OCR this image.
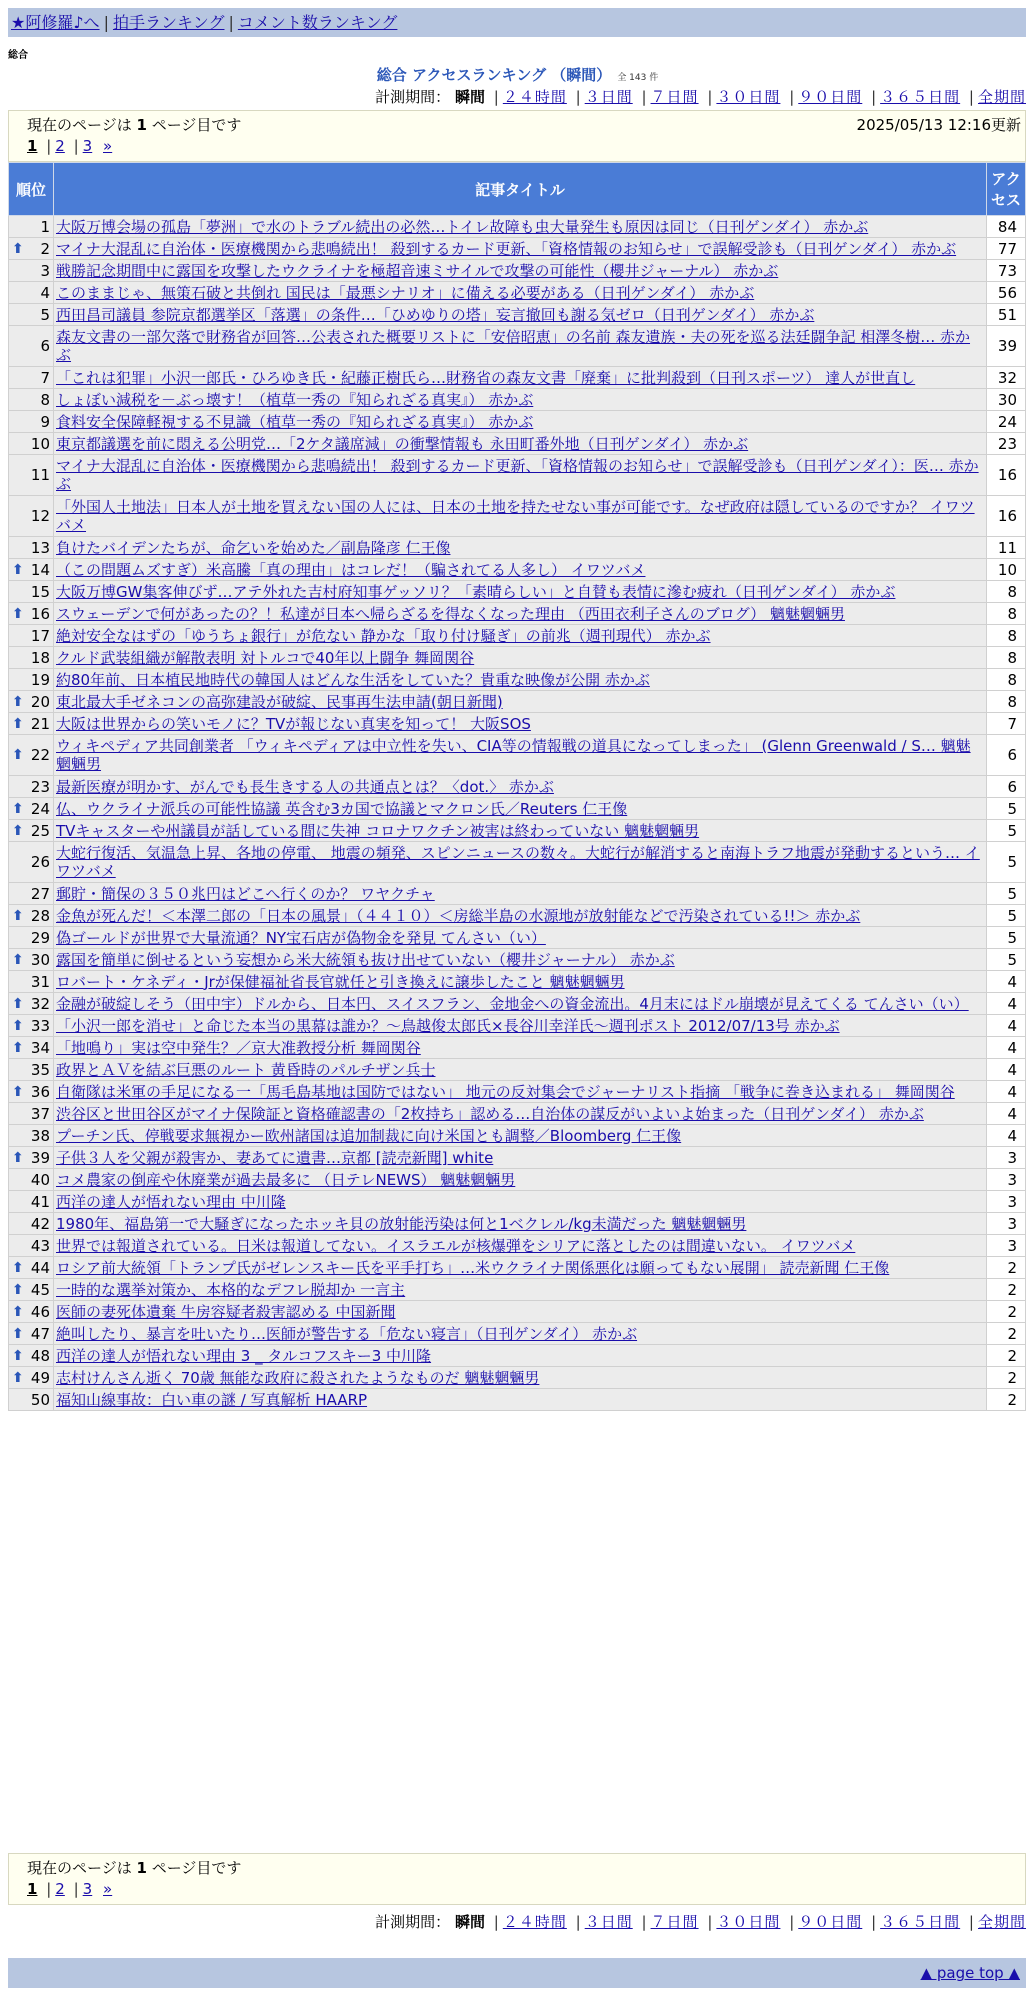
★阿修羅♪へ | 拍手ランキング | コメント数ランキング
総合
総合 アクセスランキング （瞬間） 全 143 件
計測期間： 瞬間 | ２４時間 | ３日間 | ７日間 | ３０日間 | ９０日間 | ３６５日間 | 全期間
現在のページは 1 ページ目です	2025/05/13 12:16更新
1 | 2 | 3 »
順位	記事タイトル	アクセス
1	大阪万博会場の孤島「夢洲」で水のトラブル続出の必然…トイレ故障も虫大量発生も原因は同じ（日刊ゲンダイ） 赤かぶ	84

⬆ 2	マイナ大混乱に自治体・医療機関から悲鳴続出！ 殺到するカード更新、「資格情報のお知らせ」で誤解受診も（日刊ゲンダイ） 赤かぶ	77
3	戦勝記念期間中に露国を攻撃したウクライナを極超音速ミサイルで攻撃の可能性（櫻井ジャーナル） 赤かぶ	73
4	このままじゃ、無策石破と共倒れ 国民は「最悪シナリオ」に備える必要がある（日刊ゲンダイ） 赤かぶ	56
5	西田昌司議員 参院京都選挙区「落選」の条件…「ひめゆりの塔」妄言撤回も謝る気ゼロ（日刊ゲンダイ） 赤かぶ	51
6	森友文書の一部欠落で財務省が回答…公表された概要リストに「安倍昭恵」の名前 森友遺族・夫の死を巡る法廷闘争記 相澤冬樹… 赤かぶ	39
7	「これは犯罪」小沢一郎氏・ひろゆき氏・紀藤正樹氏ら…財務省の森友文書「廃棄」に批判殺到（日刊スポーツ） 達人が世直し	32
8	しょぼい減税を－ぶっ壊す！（植草一秀の『知られざる真実』） 赤かぶ	30
9	食料安全保障軽視する不見識（植草一秀の『知られざる真実』） 赤かぶ	24
10	東京都議選を前に悶える公明党…「2ケタ議席減」の衝撃情報も 永田町番外地（日刊ゲンダイ） 赤かぶ	23
11	マイナ大混乱に自治体・医療機関から悲鳴続出！ 殺到するカード更新、「資格情報のお知らせ」で誤解受診も（日刊ゲンダイ）：医… 赤かぶ	16
12	「外国人土地法」日本人が土地を買えない国の人には、日本の土地を持たせない事が可能です。なぜ政府は隠しているのですか？ イワツバメ	16
13	負けたバイデンたちが、命乞いを始めた／副島隆彦 仁王像	11

⬆ 14	（この問題ムズすぎ）米高騰「真の理由」はコレだ！（騙されてる人多し） イワツバメ	10
15	大阪万博GW集客伸びず…アテ外れた吉村府知事ゲッソリ？「素晴らしい」と自賛も表情に滲む疲れ（日刊ゲンダイ） 赤かぶ	8

⬆ 16	スウェーデンで何があったの？！私達が日本へ帰らざるを得なくなった理由 （西田衣利子さんのブログ） 魑魅魍魎男	8
17	絶対安全なはずの「ゆうちょ銀行」が危ない 静かな「取り付け騒ぎ」の前兆（週刊現代） 赤かぶ	8
18	クルド武装組織が解散表明 対トルコで40年以上闘争 舞岡関谷	8
19	約80年前、日本植民地時代の韓国人はどんな生活をしていた？貴重な映像が公開 赤かぶ	8

⬆ 20	東北最大手ゼネコンの高弥建設が破綻、民事再生法申請(朝日新聞)	8

⬆ 21	大阪は世界からの笑いモノに？TVが報じない真実を知って！ 大阪SOS	7

⬆ 22	ウィキペディア共同創業者 「ウィキペディアは中立性を失い、CIA等の情報戦の道具になってしまった」 (Glenn Greenwald / S… 魑魅魍魎男	6
23	最新医療が明かす、がんでも長生きする人の共通点とは？〈dot.〉 赤かぶ	6

⬆ 24	仏、ウクライナ派兵の可能性協議 英含む3カ国で協議とマクロン氏／Reuters 仁王像	5

⬆ 25	TVキャスターや州議員が話している間に失神 コロナワクチン被害は終わっていない 魑魅魍魎男	5
26	大蛇行復活、気温急上昇、各地の停電、 地震の頻発、スピンニュースの数々。大蛇行が解消すると南海トラフ地震が発動するという… イワツバメ	5
27	郵貯・簡保の３５０兆円はどこへ行くのか？ ワヤクチャ	5

⬆ 28	金魚が死んだ！＜本澤二郎の「日本の風景」（４４１０）＜房総半島の水源地が放射能などで汚染されている!!＞ 赤かぶ	5
29	偽ゴールドが世界で大量流通？NY宝石店が偽物金を発見 てんさい（い）	5

⬆ 30	露国を簡単に倒せるという妄想から米大統領も抜け出せていない（櫻井ジャーナル） 赤かぶ	5
31	ロバート・ケネディ・Jrが保健福祉省長官就任と引き換えに譲歩したこと 魑魅魍魎男	4

⬆ 32	金融が破綻しそう（田中宇）ドルから、日本円、スイスフラン、金地金への資金流出。4月末にはドル崩壊が見えてくる てんさい（い）	4

⬆ 33	「小沢一郎を消せ」と命じた本当の黒幕は誰か？～鳥越俊太郎氏×長谷川幸洋氏～週刊ポスト 2012/07/13号 赤かぶ	4

⬆ 34	「地鳴り」実は空中発生？／京大准教授分析 舞岡関谷	4
35	政界とＡＶを結ぶ巨悪のルート 黄昏時のパルチザン兵士	4

⬆ 36	自衛隊は米軍の手足になる一「馬毛島基地は国防ではない」 地元の反対集会でジャーナリスト指摘 「戦争に巻き込まれる」 舞岡関谷	4
37	渋谷区と世田谷区がマイナ保険証と資格確認書の「2枚持ち」認める…自治体の謀反がいよいよ始まった（日刊ゲンダイ） 赤かぶ	4
38	プーチン氏、停戦要求無視かー欧州諸国は追加制裁に向け米国とも調整／Bloomberg 仁王像	4

⬆ 39	子供３人を父親が殺害か、妻あてに遺書…京都 [読売新聞] white	3
40	コメ農家の倒産や休廃業が過去最多に （日テレNEWS） 魑魅魍魎男	3
41	西洋の達人が悟れない理由 中川隆	3
42	1980年、福島第一で大騒ぎになったホッキ貝の放射能汚染は何と1ベクレル/kg未満だった 魑魅魍魎男	3
43	世界では報道されている。日米は報道してない。イスラエルが核爆弾をシリアに落としたのは間違いない。 イワツバメ	3

⬆ 44	ロシア前大統領「トランプ氏がゼレンスキー氏を平手打ち」…米ウクライナ関係悪化は願ってもない展開」 読売新聞 仁王像	2

⬆ 45	一時的な選挙対策か、本格的なデフレ脱却か 一言主	2

⬆ 46	医師の妻死体遺棄 牛房容疑者殺害認める 中国新聞	2

⬆ 47	絶叫したり、暴言を吐いたり…医師が警告する「危ない寝言」（日刊ゲンダイ） 赤かぶ	2

⬆ 48	西洋の達人が悟れない理由 3 _ タルコフスキー3 中川隆	2

⬆ 49	志村けんさん逝く 70歳 無能な政府に殺されたようなものだ 魑魅魍魎男	2
50	福知山線事故：白い車の謎 / 写真解析 HAARP	2
現在のページは 1 ページ目です
1 | 2 | 3 »
計測期間： 瞬間 | ２４時間 | ３日間 | ７日間 | ３０日間 | ９０日間 | ３６５日間 | 全期間
▲ page top ▲
